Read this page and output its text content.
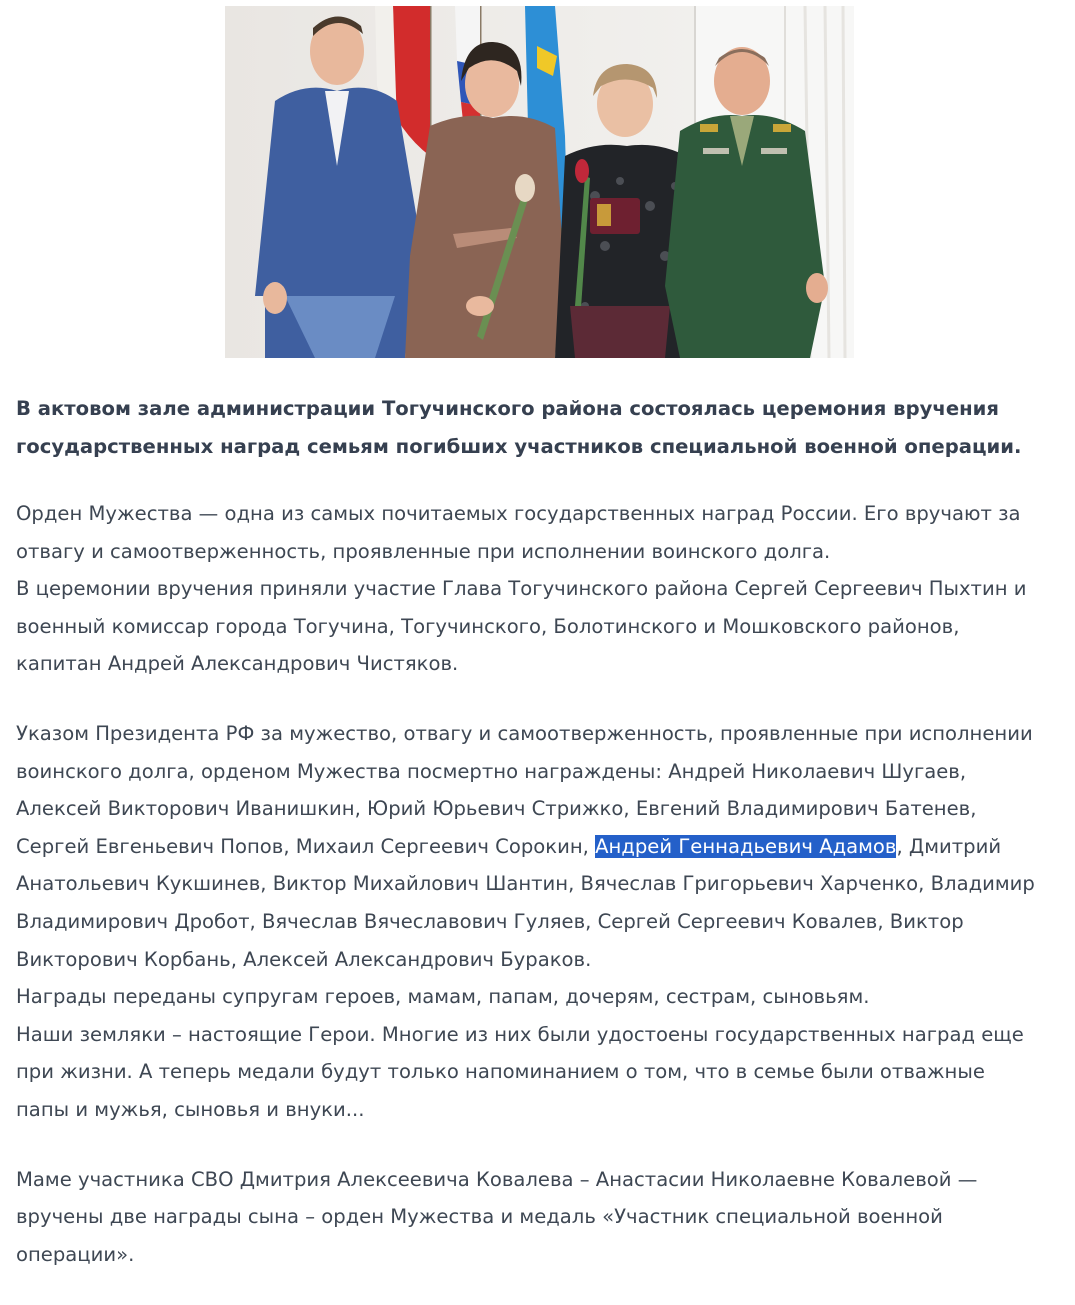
В актовом зале администрации Тогучинского района состоялась церемония вручения
государственных наград семьям погибших участников специальной военной операции.

Орден Мужества — одна из самых почитаемых государственных наград России. Его вручают за
отвагу и самоотверженность, проявленные при исполнении воинского долга.
В церемонии вручения приняли участие Глава Тогучинского района Сергей Сергеевич Пыхтин и
военный комиссар города Тогучина, Тогучинского, Болотинского и Мошковского районов,
капитан Андрей Александрович Чистяков.

Указом Президента РФ за мужество, отвагу и самоотверженность, проявленные при исполнении
воинского долга, орденом Мужества посмертно награждены: Андрей Николаевич Шугаев,
Алексей Викторович Иванишкин, Юрий Юрьевич Стрижко, Евгений Владимирович Батенев,
Сергей Евгеньевич Попов, Михаил Сергеевич Сорокин, Андрей Геннадьевич Адамов, Дмитрий
Анатольевич Кукшинев, Виктор Михайлович Шантин, Вячеслав Григорьевич Харченко, Владимир
Владимирович Дробот, Вячеслав Вячеславович Гуляев, Сергей Сергеевич Ковалев, Виктор
Викторович Корбань, Алексей Александрович Бураков.
Награды переданы супругам героев, мамам, папам, дочерям, сестрам, сыновьям.
Наши земляки – настоящие Герои. Многие из них были удостоены государственных наград еще
при жизни. А теперь медали будут только напоминанием о том, что в семье были отважные
папы и мужья, сыновья и внуки...

Маме участника СВО Дмитрия Алексеевича Ковалева – Анастасии Николаевне Ковалевой —
вручены две награды сына – орден Мужества и медаль «Участник специальной военной
операции».
